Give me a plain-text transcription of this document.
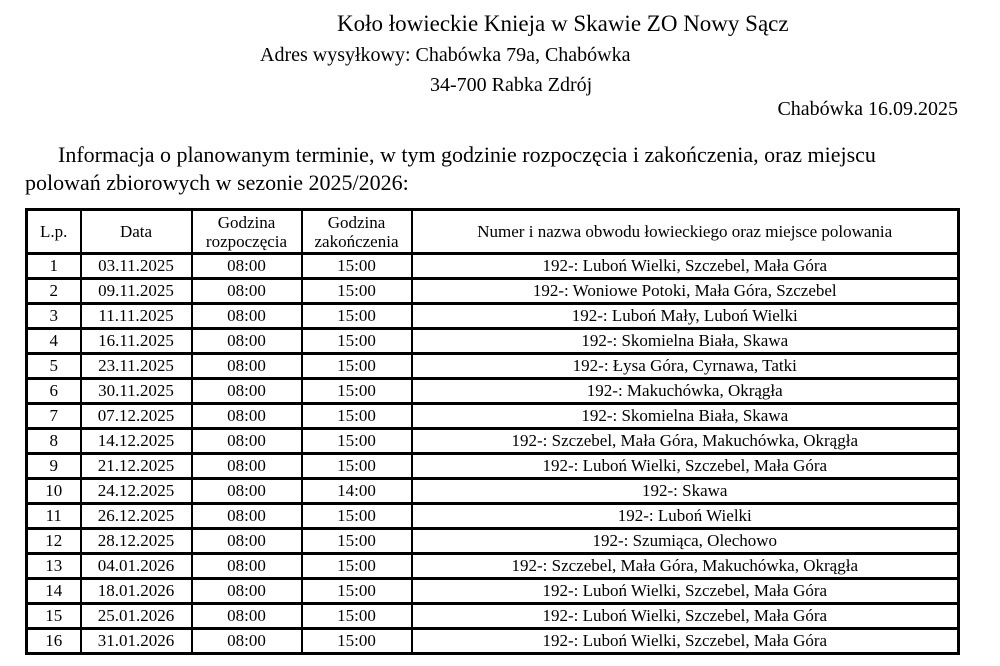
Koło łowieckie Knieja w Skawie ZO Nowy Sącz
Adres wysyłkowy: Chabówka 79a, Chabówka
34-700 Rabka Zdrój
Chabówka 16.09.2025
Informacja o planowanym terminie, w tym godzinie rozpoczęcia i zakończenia, oraz miejscu polowań zbiorowych w sezonie 2025/2026:
L.p.	Data	Godzina rozpoczęcia	Godzina zakończenia	Numer i nazwa obwodu łowieckiego oraz miejsce polowania
1	03.11.2025	08:00	15:00	192-: Luboń Wielki, Szczebel, Mała Góra
2	09.11.2025	08:00	15:00	192-: Woniowe Potoki, Mała Góra, Szczebel
3	11.11.2025	08:00	15:00	192-: Luboń Mały, Luboń Wielki
4	16.11.2025	08:00	15:00	192-: Skomielna Biała, Skawa
5	23.11.2025	08:00	15:00	192-: Łysa Góra, Cyrnawa, Tatki
6	30.11.2025	08:00	15:00	192-: Makuchówka, Okrągła
7	07.12.2025	08:00	15:00	192-: Skomielna Biała, Skawa
8	14.12.2025	08:00	15:00	192-: Szczebel, Mała Góra, Makuchówka, Okrągła
9	21.12.2025	08:00	15:00	192-: Luboń Wielki, Szczebel, Mała Góra
10	24.12.2025	08:00	14:00	192-: Skawa
11	26.12.2025	08:00	15:00	192-: Luboń Wielki
12	28.12.2025	08:00	15:00	192-: Szumiąca, Olechowo
13	04.01.2026	08:00	15:00	192-: Szczebel, Mała Góra, Makuchówka, Okrągła
14	18.01.2026	08:00	15:00	192-: Luboń Wielki, Szczebel, Mała Góra
15	25.01.2026	08:00	15:00	192-: Luboń Wielki, Szczebel, Mała Góra
16	31.01.2026	08:00	15:00	192-: Luboń Wielki, Szczebel, Mała Góra
